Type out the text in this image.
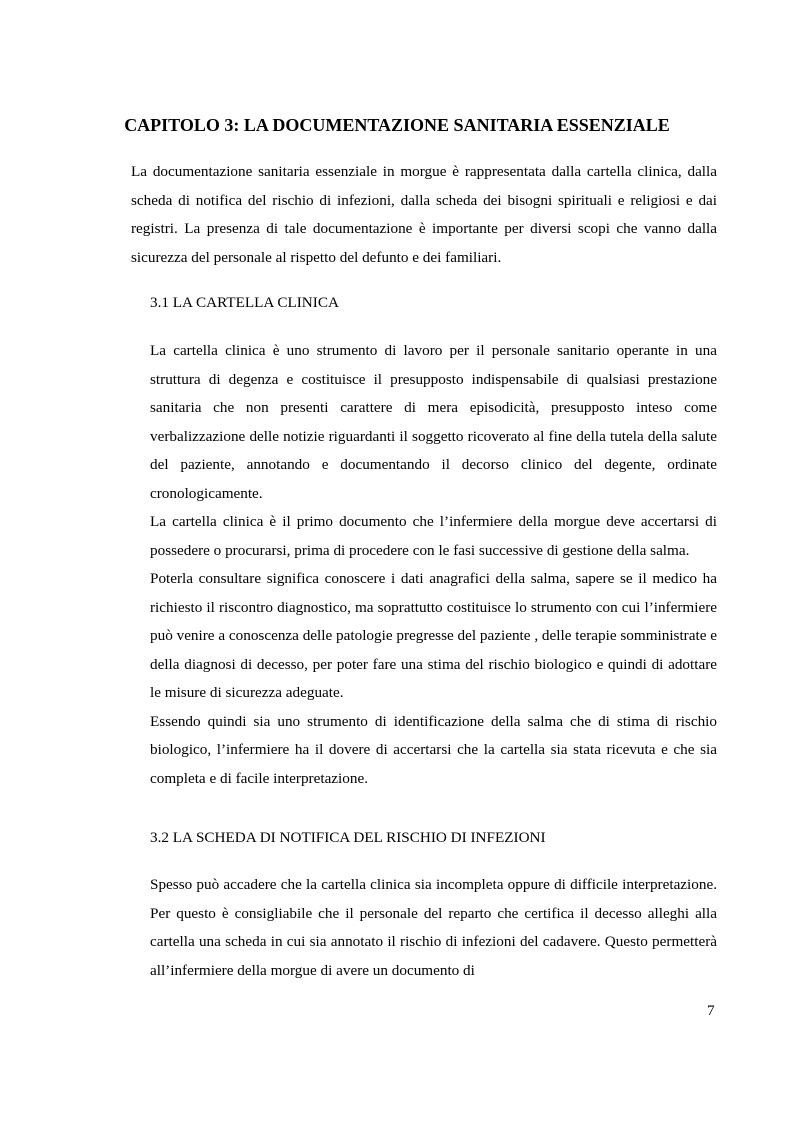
CAPITOLO 3: LA DOCUMENTAZIONE SANITARIA ESSENZIALE

La documentazione sanitaria essenziale in morgue è rappresentata dalla cartella clinica, dalla scheda di notifica del rischio di infezioni, dalla scheda dei bisogni spirituali e religiosi e dai registri. La presenza di tale documentazione è importante per diversi scopi che vanno dalla sicurezza del personale al rispetto del defunto e dei familiari.

3.1 LA CARTELLA CLINICA

La cartella clinica è uno strumento di lavoro per il personale sanitario operante in una struttura di degenza e costituisce il presupposto indispensabile di qualsiasi prestazione sanitaria che non presenti carattere di mera episodicità, presupposto inteso come verbalizzazione delle notizie riguardanti il soggetto ricoverato al fine della tutela della salute del paziente, annotando e documentando il decorso clinico del degente, ordinate cronologicamente.

La cartella clinica è il primo documento che l’infermiere della morgue deve accertarsi di possedere o procurarsi, prima di procedere con le fasi successive di gestione della salma.

Poterla consultare significa conoscere i dati anagrafici della salma, sapere se il medico ha richiesto il riscontro diagnostico, ma soprattutto costituisce lo strumento con cui l’infermiere può venire a conoscenza delle patologie pregresse del paziente , delle terapie somministrate e della diagnosi di decesso, per poter fare una stima del rischio biologico e quindi di adottare le misure di sicurezza adeguate.

Essendo quindi sia uno strumento di identificazione della salma che di stima di rischio biologico, l’infermiere ha il dovere di accertarsi che la cartella sia stata ricevuta e che sia completa e di facile interpretazione.

3.2 LA SCHEDA DI NOTIFICA DEL RISCHIO DI INFEZIONI

Spesso può accadere che la cartella clinica sia incompleta oppure di difficile interpretazione. Per questo è consigliabile che il personale del reparto che certifica il decesso alleghi alla cartella una scheda in cui sia annotato il rischio di infezioni del cadavere. Questo permetterà all’infermiere della morgue di avere un documento di

7
